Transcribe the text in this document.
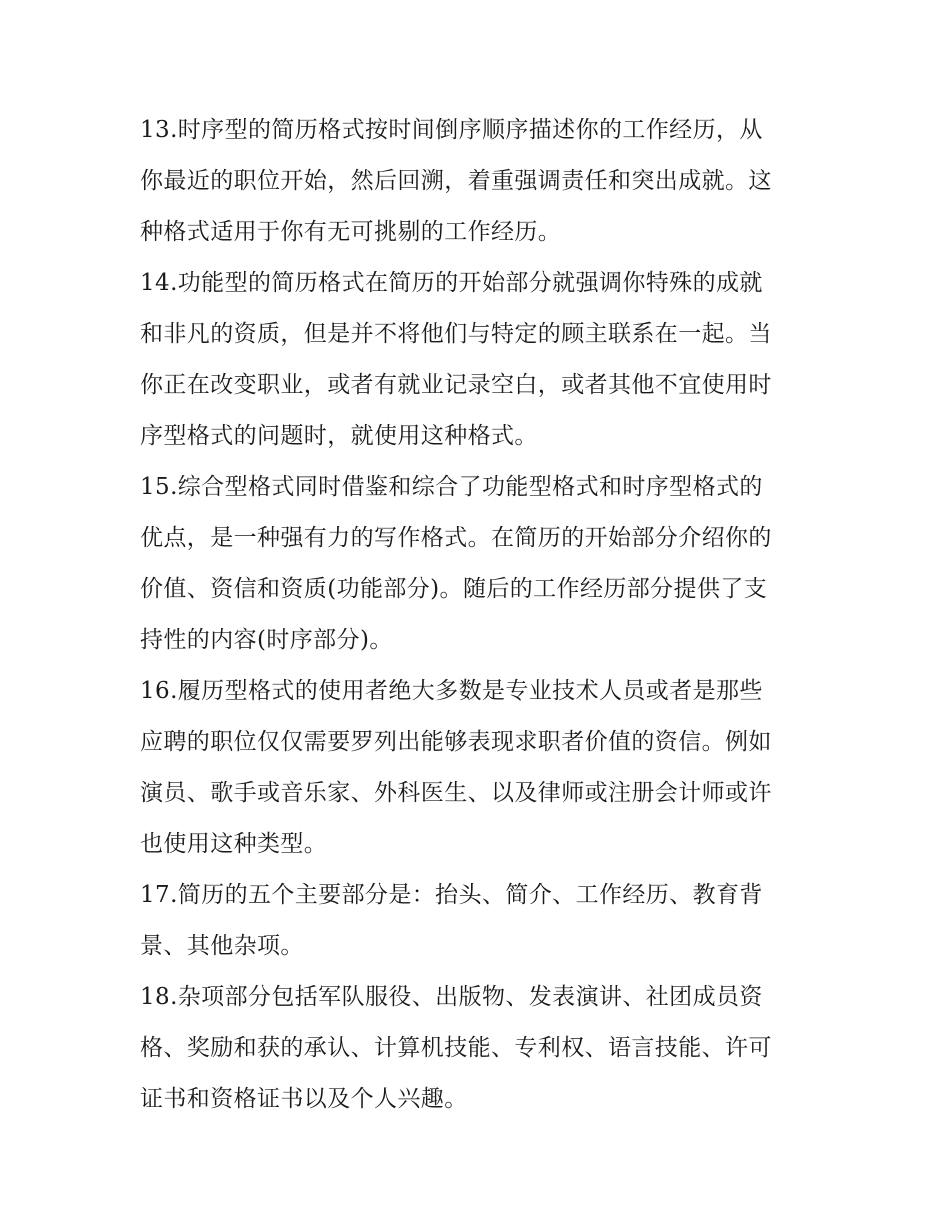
13.时序型的简历格式按时间倒序顺序描述你的工作经历，从
你最近的职位开始，然后回溯，着重强调责任和突出成就。这
种格式适用于你有无可挑剔的工作经历。
14.功能型的简历格式在简历的开始部分就强调你特殊的成就
和非凡的资质，但是并不将他们与特定的顾主联系在一起。当
你正在改变职业，或者有就业记录空白，或者其他不宜使用时
序型格式的问题时，就使用这种格式。
15.综合型格式同时借鉴和综合了功能型格式和时序型格式的
优点，是一种强有力的写作格式。在简历的开始部分介绍你的
价值、资信和资质(功能部分)。随后的工作经历部分提供了支
持性的内容(时序部分)。
16.履历型格式的使用者绝大多数是专业技术人员或者是那些
应聘的职位仅仅需要罗列出能够表现求职者价值的资信。例如
演员、歌手或音乐家、外科医生、以及律师或注册会计师或许
也使用这种类型。
17.简历的五个主要部分是：抬头、简介、工作经历、教育背
景、其他杂项。
18.杂项部分包括军队服役、出版物、发表演讲、社团成员资
格、奖励和获的承认、计算机技能、专利权、语言技能、许可
证书和资格证书以及个人兴趣。
